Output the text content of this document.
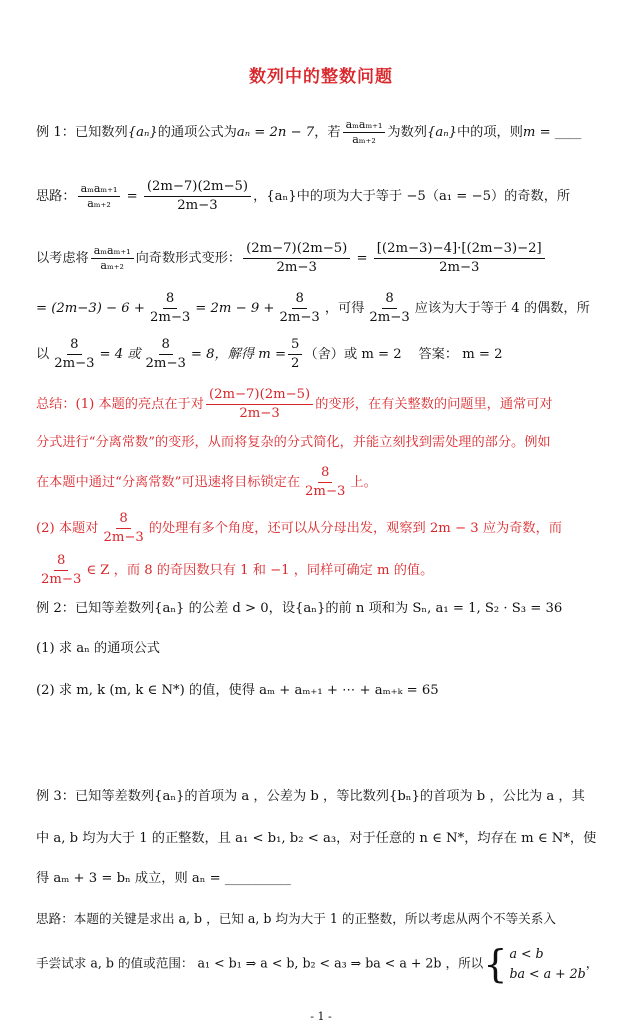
数列中的整数问题
例 1：已知数列{aₙ}的通项公式为aₙ = 2n − 7，若 $\frac{\text{aₘaₘ₊₁}}{\text{aₘ₊₂}}$ 为数列{aₙ}中的项，则m = ____
思路： $\frac{\text{aₘaₘ₊₁}}{\text{aₘ₊₂}} = \frac{(2m-7)(2m-5)}{2m-3}$ ，{aₙ}中的项为大于等于 −5（a₁ = −5）的奇数，所
以考虑将 $\frac{\text{aₘaₘ₊₁}}{\text{aₘ₊₂}}$ 向奇数形式变形： $\frac{(2m-7)(2m-5)}{2m-3} = \frac{[(2m-3)-4]\cdot[(2m-3)-2]}{2m-3}$
= $(2m-3) - 6 + \frac{8}{2m-3} = 2m - 9 + \frac{8}{2m-3}$ ，可得 $\frac{8}{2m-3}$ 应该为大于等于 4 的偶数，所
以 $\frac{8}{2m-3} = 4$ 或 $\frac{8}{2m-3} = 8$，解得 $m = \frac{5}{2}$ （舍）或 m = 2 答案： m = 2
总结：(1) 本题的亮点在于对 $\frac{(2m-7)(2m-5)}{2m-3}$ 的变形，在有关整数的问题里，通常可对
分式进行“分离常数”的变形，从而将复杂的分式简化，并能立刻找到需处理的部分。例如
在本题中通过“分离常数”可迅速将目标锁定在 $\frac{8}{2m-3}$ 上。
(2) 本题对 $\frac{8}{2m-3}$ 的处理有多个角度，还可以从分母出发，观察到 2m − 3 应为奇数，而
$\frac{8}{2m-3}$ ∈ Z ，而 8 的奇因数只有 1 和 −1 ，同样可确定 m 的值。
例 2：已知等差数列{aₙ} 的公差 d > 0，设{aₙ}的前 n 项和为 Sₙ, a₁ = 1, S₂ · S₃ = 36
(1) 求 aₙ 的通项公式
(2) 求 m, k (m, k ∈ N*) 的值，使得 aₘ + aₘ₊₁ + ⋯ + aₘ₊ₖ = 65
例 3：已知等差数列{aₙ}的首项为 a ，公差为 b ，等比数列{bₙ}的首项为 b ，公比为 a ，其
中 a, b 均为大于 1 的正整数，且 a₁ < b₁, b₂ < a₃，对于任意的 n ∈ N*，均存在 m ∈ N*，使
得 aₘ + 3 = bₙ 成立，则 aₙ = __________
思路：本题的关键是求出 a, b ，已知 a, b 均为大于 1 的正整数，所以考虑从两个不等关系入
手尝试求 a, b 的值或范围： a₁ < b₁ ⇒ a < b, b₂ < a₃ ⇒ ba < a + 2b ，所以 { a < b
ba < a + 2b
，
- 1 -
